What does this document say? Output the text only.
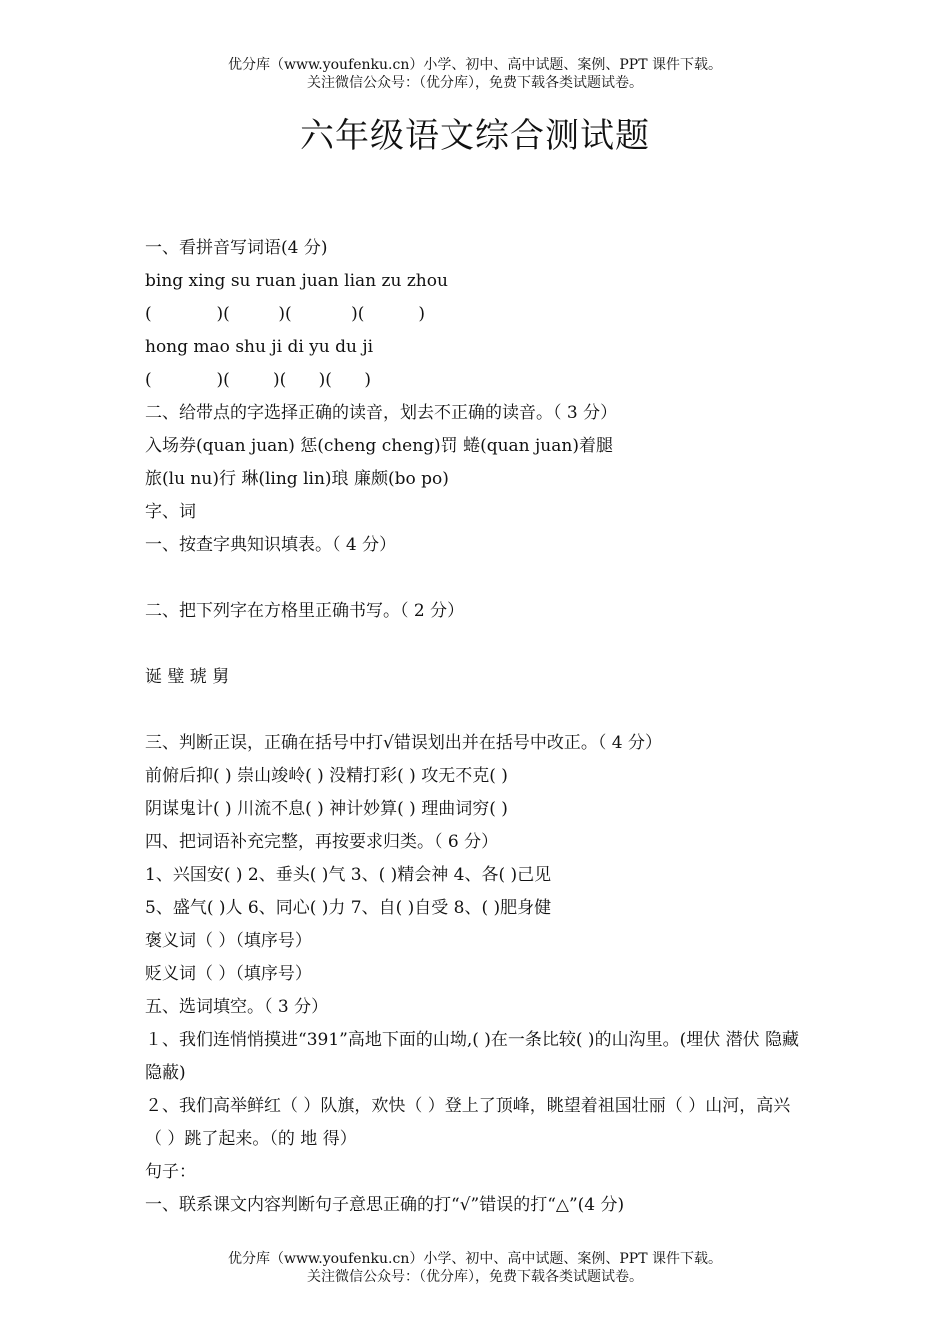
优分库（www.youfenku.cn）小学、初中、高中试题、案例、PPT 课件下载。
关注微信公众号：（优分库），免费下载各类试题试卷。
六年级语文综合测试题

一、看拼音写词语(4 分)

bing xing su ruan juan lian zu zhou

(            )(         )(           )(          )

hong mao shu ji di yu du ji

(            )(        )(      )(      )

二、给带点的字选择正确的读音，划去不正确的读音。（ 3 分）

入场券(quan juan) 惩(cheng cheng)罚 蜷(quan juan)着腿

旅(lu nu)行 琳(ling lin)琅 廉颇(bo po)

字、词

一、按查字典知识填表。（ 4 分）

二、把下列字在方格里正确书写。（ 2 分）

诞 璧 琥 舅

三、判断正误，正确在括号中打√错误划出并在括号中改正。（ 4 分）

前俯后抑( ) 崇山竣岭( ) 没精打彩( ) 攻无不克( )

阴谋鬼计( ) 川流不息( ) 神计妙算( ) 理曲词穷( )

四、把词语补充完整，再按要求归类。（ 6 分）

1、兴国安( ) 2、垂头( )气 3、( )精会神 4、各( )己见

5、盛气( )人 6、同心( )力 7、自( )自受 8、( )肥身健

褒义词（ ）（填序号）

贬义词（ ）（填序号）

五、选词填空。（ 3 分）

１、我们连悄悄摸进“391”高地下面的山坳,( )在一条比较( )的山沟里。(埋伏 潜伏 隐藏 隐蔽)

２、我们高举鲜红（ ）队旗，欢快（ ）登上了顶峰，眺望着祖国壮丽（ ）山河，高兴（ ）跳了起来。（的 地 得）

句子：

一、联系课文内容判断句子意思正确的打“√”错误的打“△”(4 分)

优分库（www.youfenku.cn）小学、初中、高中试题、案例、PPT 课件下载。
关注微信公众号：（优分库），免费下载各类试题试卷。
